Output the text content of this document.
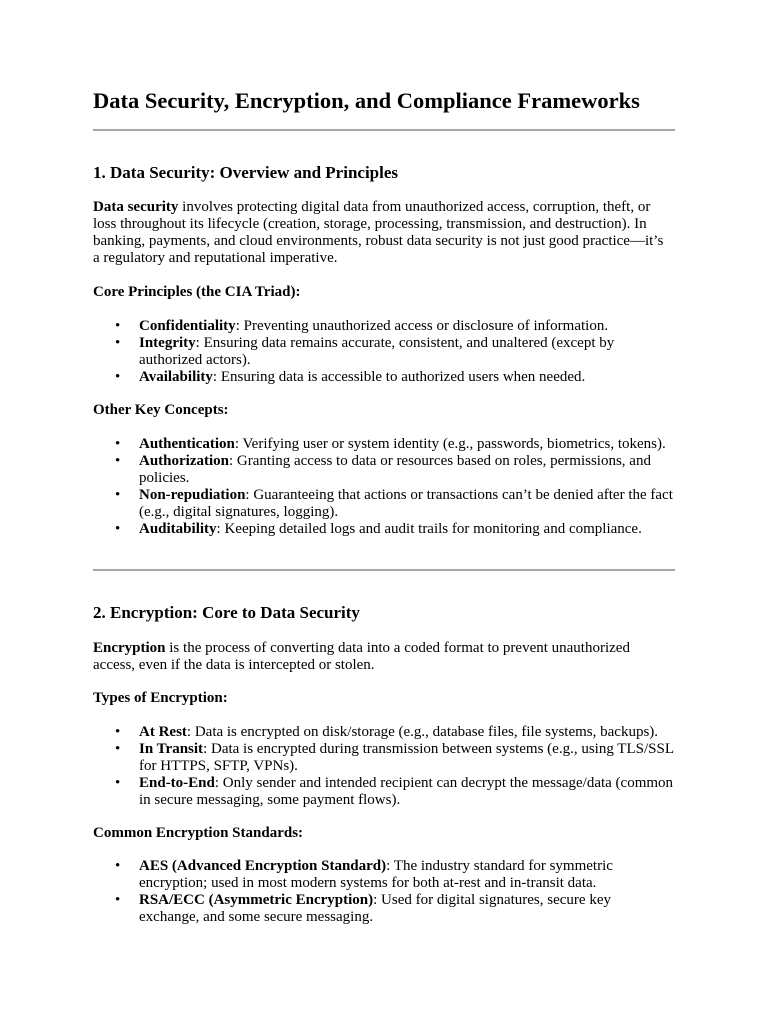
Data Security, Encryption, and Compliance Frameworks
1. Data Security: Overview and Principles

Data security involves protecting digital data from unauthorized access, corruption, theft, or loss throughout its lifecycle (creation, storage, processing, transmission, and destruction). In banking, payments, and cloud environments, robust data security is not just good practice—it’s a regulatory and reputational imperative.

Core Principles (the CIA Triad):

• Confidentiality: Preventing unauthorized access or disclosure of information.
• Integrity: Ensuring data remains accurate, consistent, and unaltered (except by authorized actors).
• Availability: Ensuring data is accessible to authorized users when needed.

Other Key Concepts:

• Authentication: Verifying user or system identity (e.g., passwords, biometrics, tokens).
• Authorization: Granting access to data or resources based on roles, permissions, and policies.
• Non-repudiation: Guaranteeing that actions or transactions can’t be denied after the fact (e.g., digital signatures, logging).
• Auditability: Keeping detailed logs and audit trails for monitoring and compliance.
2. Encryption: Core to Data Security

Encryption is the process of converting data into a coded format to prevent unauthorized access, even if the data is intercepted or stolen.

Types of Encryption:

• At Rest: Data is encrypted on disk/storage (e.g., database files, file systems, backups).
• In Transit: Data is encrypted during transmission between systems (e.g., using TLS/SSL for HTTPS, SFTP, VPNs).
• End-to-End: Only sender and intended recipient can decrypt the message/data (common in secure messaging, some payment flows).

Common Encryption Standards:

• AES (Advanced Encryption Standard): The industry standard for symmetric encryption; used in most modern systems for both at-rest and in-transit data.
• RSA/ECC (Asymmetric Encryption): Used for digital signatures, secure key exchange, and some secure messaging.
